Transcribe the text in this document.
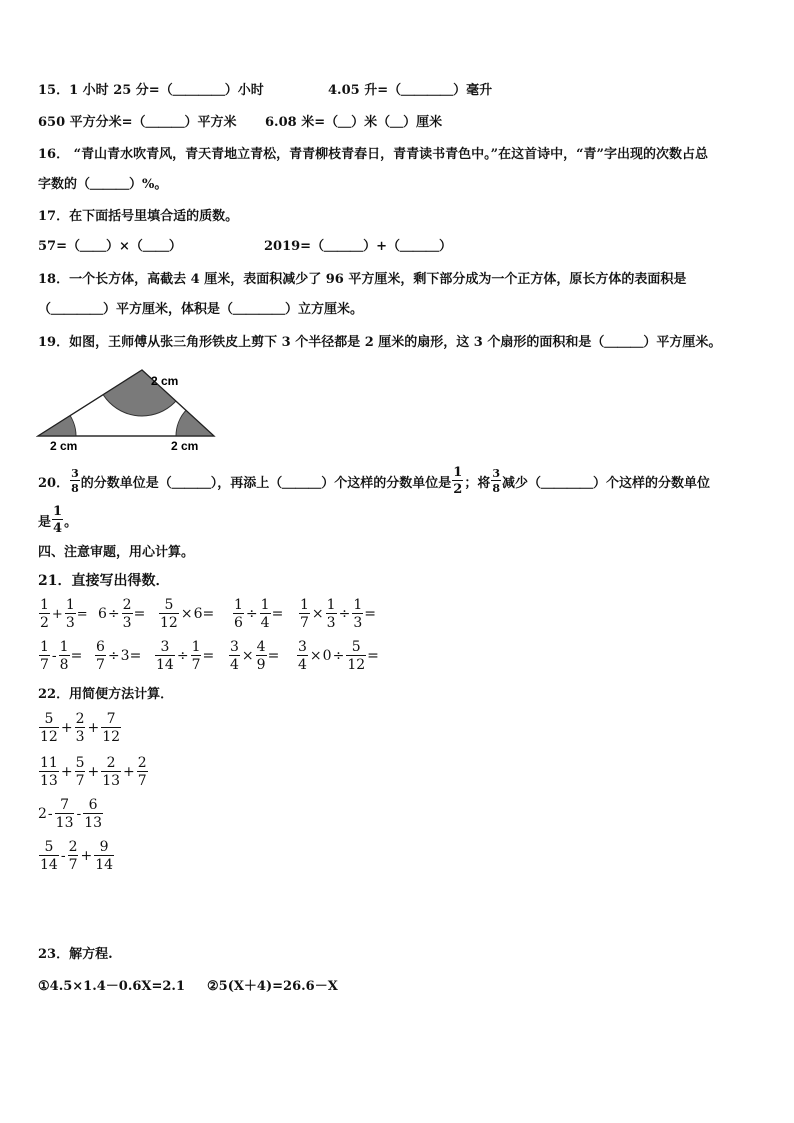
15．1 小时 25 分=（＿＿＿＿）小时	4.05 升=（＿＿＿＿）毫升
650 平方分米=（＿＿＿）平方米 6.08 米=（＿）米（＿）厘米
16． “青山青水吹青风，青天青地立青松，青青柳枝青春日，青青读书青色中。”在这首诗中，“青”字出现的次数占总
字数的（＿＿＿）%。
17．在下面括号里填合适的质数。
57=（＿＿）×（＿＿）	2019=（＿＿＿）+（＿＿＿）
18．一个长方体，高截去 4 厘米，表面积减少了 96 平方厘米，剩下部分成为一个正方体，原长方体的表面积是
（＿＿＿＿）平方厘米，体积是（＿＿＿＿）立方厘米。
19．如图，王师傅从张三角形铁皮上剪下 3 个半径都是 2 厘米的扇形，这 3 个扇形的面积和是（＿＿＿）平方厘米。
2 cm
2 cm	2 cm
20． $\frac{3}{8}$ 的分数单位是（＿＿＿），再添上（＿＿＿）个这样的分数单位是 $\frac{1}{2}$ ；将 $\frac{3}{8}$ 减少（＿＿＿＿）个这样的分数单位
是 $\frac{1}{4}$ 。
四、注意审题，用心计算。
21．直接写出得数．
$\frac{1}{2} + \frac{1}{3} = 6 \div \frac{2}{3} = \frac{5}{12} \times 6 = \frac{1}{6} \div \frac{1}{4} = \frac{1}{7} \times \frac{1}{3} \div \frac{1}{3}$ =
$\frac{1}{7} - \frac{1}{8} = \frac{6}{7} \div 3 = \frac{3}{14} \div \frac{1}{7} = \frac{3}{4} \times \frac{4}{9} = \frac{3}{4} \times 0 \div \frac{5}{12}$ =
22．用简便方法计算．
$\frac{5}{12} + \frac{2}{3} + \frac{7}{12}$
$\frac{11}{13} + \frac{5}{7} + \frac{2}{13} + \frac{2}{7}$
$2 - \frac{7}{13} - \frac{6}{13}$
$\frac{5}{14} - \frac{2}{7} + \frac{9}{14}$
23．解方程.
①4.5×1.4－0.6X=2.1 ②5(X＋4)=26.6－X
